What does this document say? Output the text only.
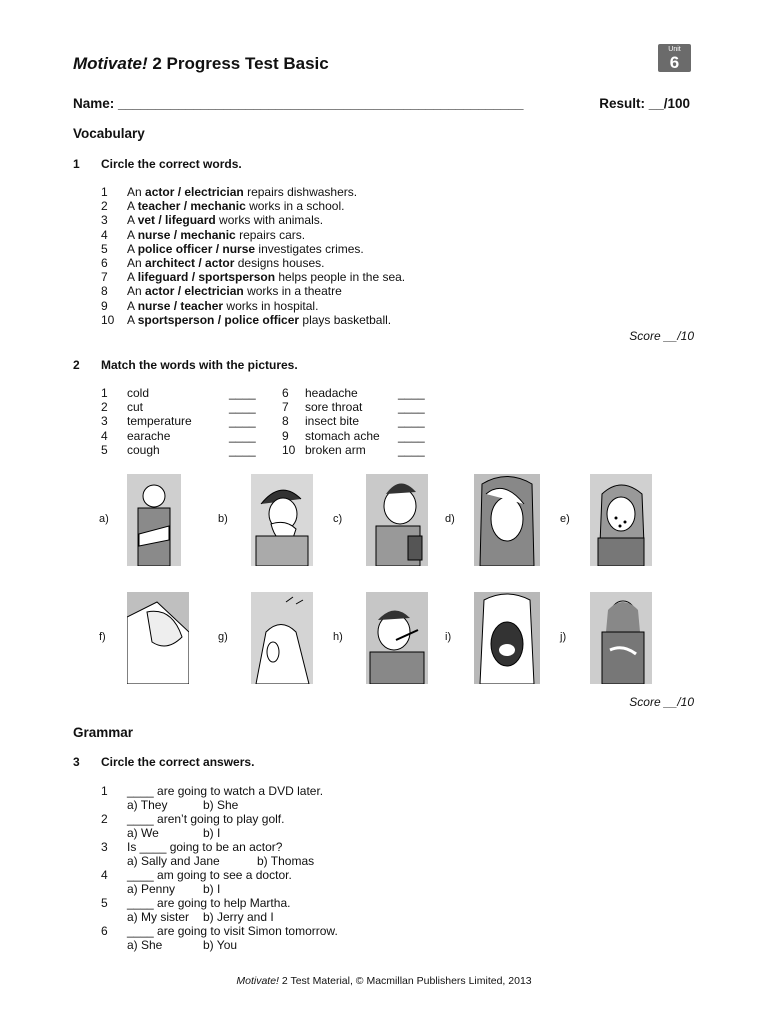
Motivate! 2 Progress Test Basic
Unit
6
Name: ______________________________________________________	Result: __/100
Vocabulary
1 Circle the correct words.
1 An actor / electrician repairs dishwashers.
2 A teacher / mechanic works in a school.
3 A vet / lifeguard works with animals.
4 A nurse / mechanic repairs cars.
5 A police officer / nurse investigates crimes.
6 An architect / actor designs houses.
7 A lifeguard / sportsperson helps people in the sea.
8 An actor / electrician works in a theatre
9 A nurse / teacher works in hospital.
10 A sportsperson / police officer plays basketball.
Score __/10
2 Match the words with the pictures.
1 cold	____ 6 headache	____
2 cut	____ 7 sore throat	____
3 temperature	____ 8 insect bite	____
4 earache	____ 9 stomach ache ____
5 cough	____ 10 broken arm	____
a)	b)	c)	d)	e)
f)	g)	h)	i)	j)
Score __/10
Grammar
3 Circle the correct answers.
1 ____ are going to watch a DVD later.
a) They	b) She
2 ____ aren’t going to play golf.
a) We	b) I
3 Is ____ going to be an actor?
a) Sally and Jane	b) Thomas
4 ____ am going to see a doctor.
a) Penny b) I
5 ____ are going to help Martha.
a) My sister b) Jerry and I
6 ____ are going to visit Simon tomorrow.
a) She	b) You
Motivate! 2 Test Material, © Macmillan Publishers Limited, 2013
